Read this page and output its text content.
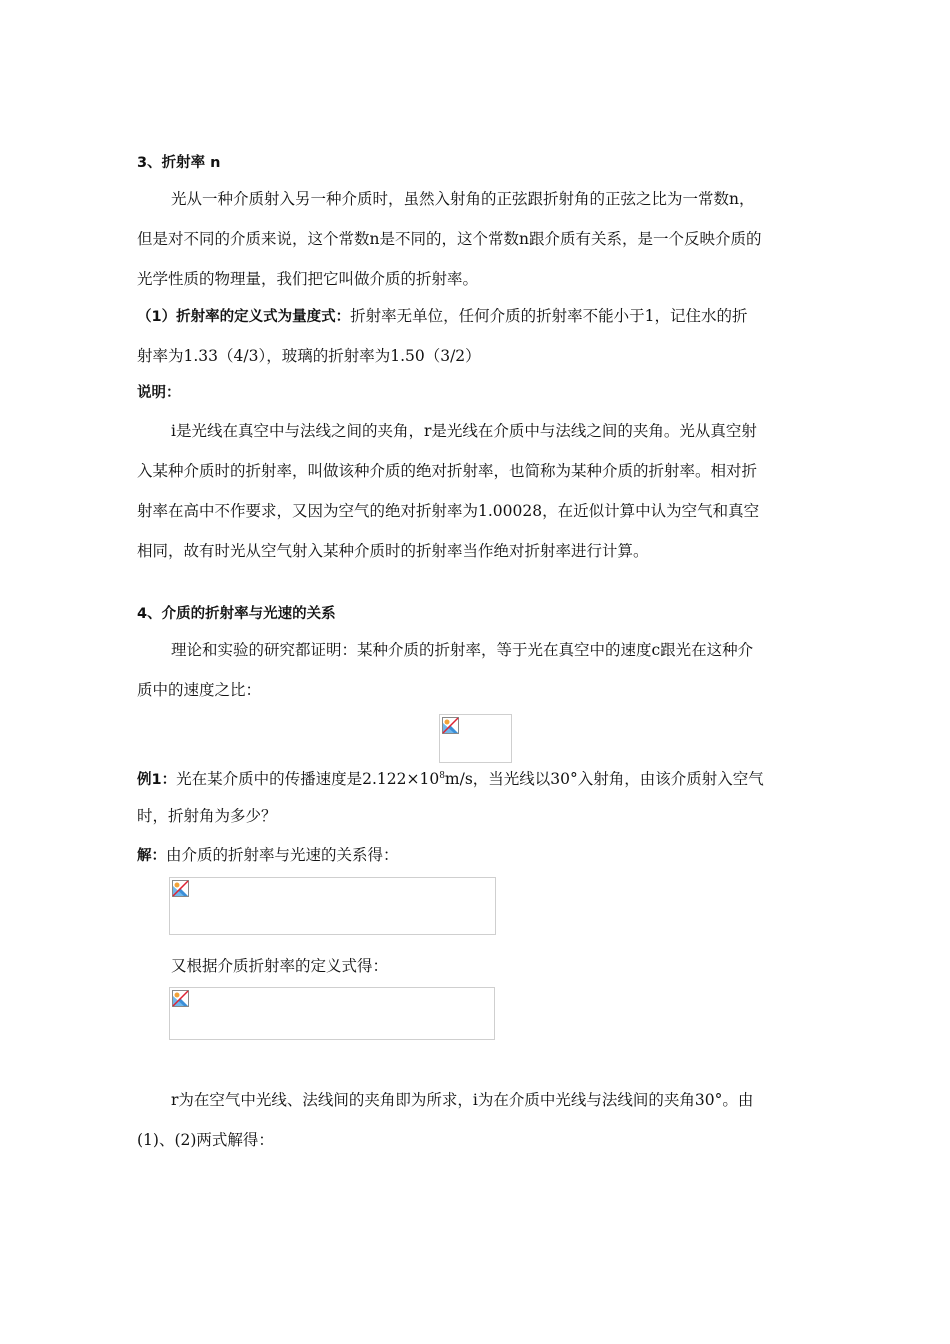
3、折射率 n
光从一种介质射入另一种介质时，虽然入射角的正弦跟折射角的正弦之比为一常数n，
但是对不同的介质来说，这个常数n是不同的，这个常数n跟介质有关系，是一个反映介质的
光学性质的物理量，我们把它叫做介质的折射率。
（1）折射率的定义式为量度式：折射率无单位，任何介质的折射率不能小于1，记住水的折
射率为1.33（4/3），玻璃的折射率为1.50（3/2）
说明：
i是光线在真空中与法线之间的夹角，r是光线在介质中与法线之间的夹角。光从真空射
入某种介质时的折射率，叫做该种介质的绝对折射率，也简称为某种介质的折射率。相对折
射率在高中不作要求，又因为空气的绝对折射率为1.00028，在近似计算中认为空气和真空
相同，故有时光从空气射入某种介质时的折射率当作绝对折射率进行计算。
4、介质的折射率与光速的关系
理论和实验的研究都证明：某种介质的折射率，等于光在真空中的速度c跟光在这种介
质中的速度之比：
例1：光在某介质中的传播速度是$2.122\times 10^8m/s$，当光线以30°入射角，由该介质射入空气
时，折射角为多少？
解：由介质的折射率与光速的关系得：
又根据介质折射率的定义式得：
r为在空气中光线、法线间的夹角即为所求，i为在介质中光线与法线间的夹角30°。由
(1)、(2)两式解得：
